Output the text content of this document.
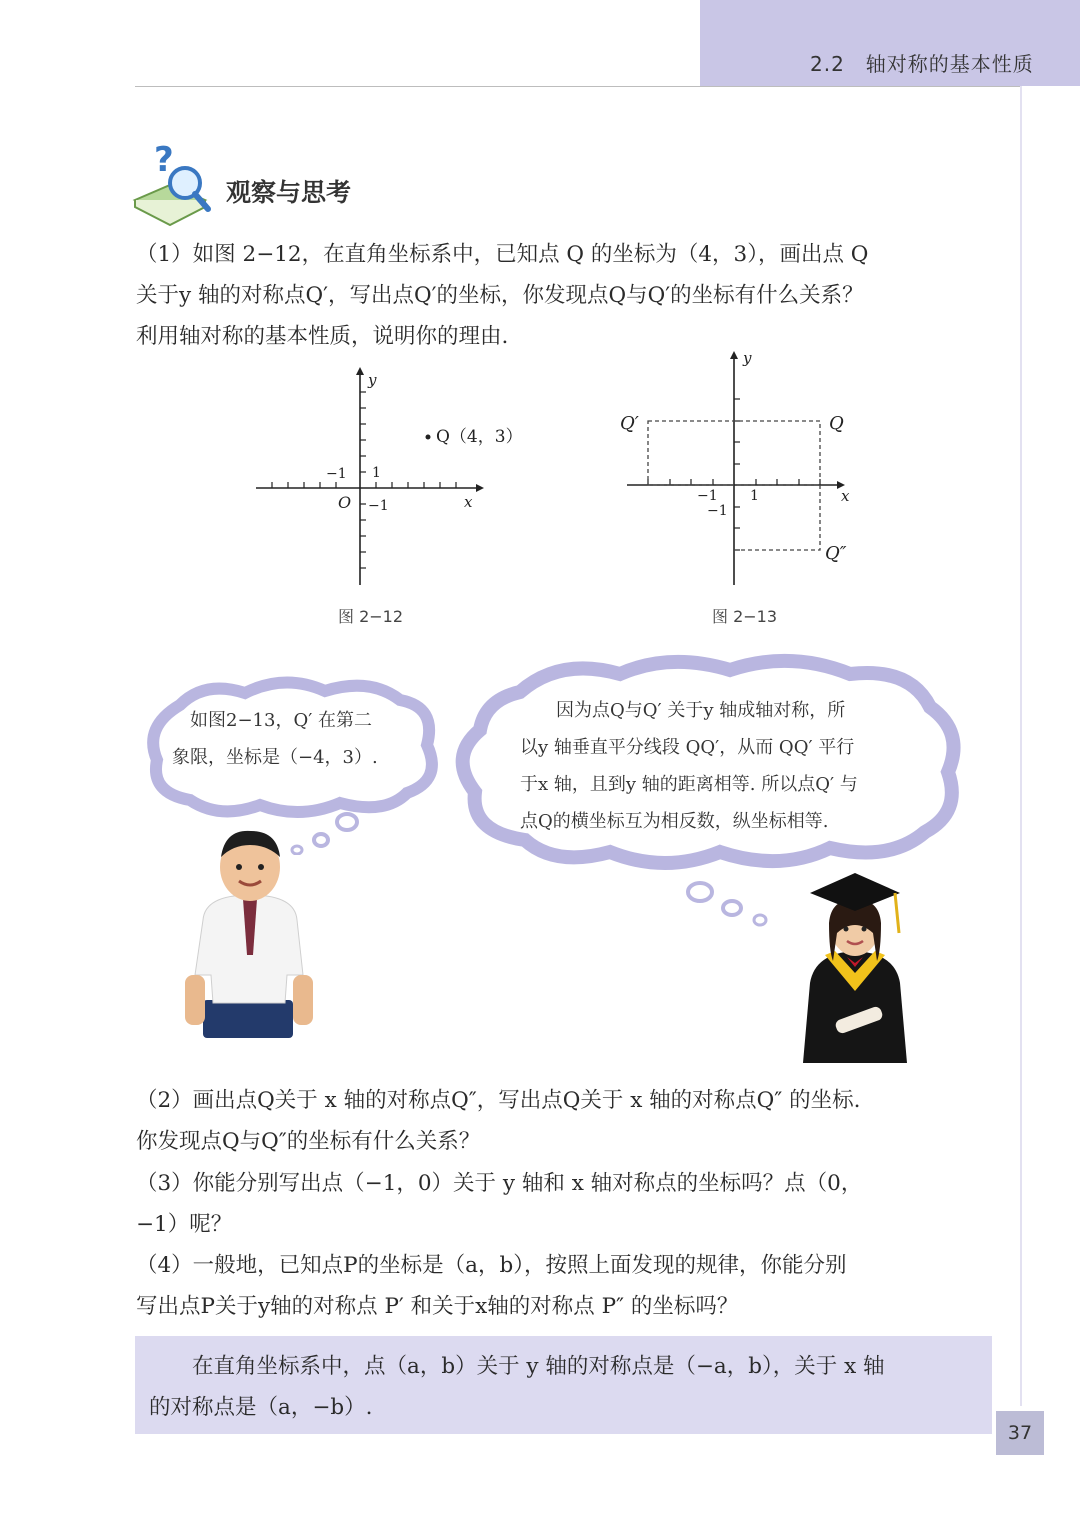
2.2　轴对称的基本性质
?
观察与思考

（1）如图 2−12，在直角坐标系中，已知点 Q 的坐标为（4，3），画出点 Q
关于y 轴的对称点Q′，写出点Q′的坐标，你发现点Q与Q′的坐标有什么关系？
利用轴对称的基本性质，说明你的理由.

Q（4，3）
y
x
O
−1 1
−1
图 2−12
Q′	Q
Q″
y
x
−1 1
−1
图 2−13

　如图2−13，Q′ 在第二
象限，坐标是（−4，3）.

　　因为点Q与Q′ 关于y 轴成轴对称，所
以y 轴垂直平分线段 QQ′，从而 QQ′ 平行
于x 轴，且到y 轴的距离相等. 所以点Q′ 与
点Q的横坐标互为相反数，纵坐标相等.

（2）画出点Q关于 x 轴的对称点Q″，写出点Q关于 x 轴的对称点Q″ 的坐标.
你发现点Q与Q″的坐标有什么关系？

（3）你能分别写出点（−1，0）关于 y 轴和 x 轴对称点的坐标吗？点（0，
−1）呢？

（4）一般地，已知点P的坐标是（a，b），按照上面发现的规律，你能分别
写出点P关于y轴的对称点 P′ 和关于x轴的对称点 P″ 的坐标吗？

　　在直角坐标系中，点（a，b）关于 y 轴的对称点是（−a，b），关于 x 轴
的对称点是（a，−b）.

37
